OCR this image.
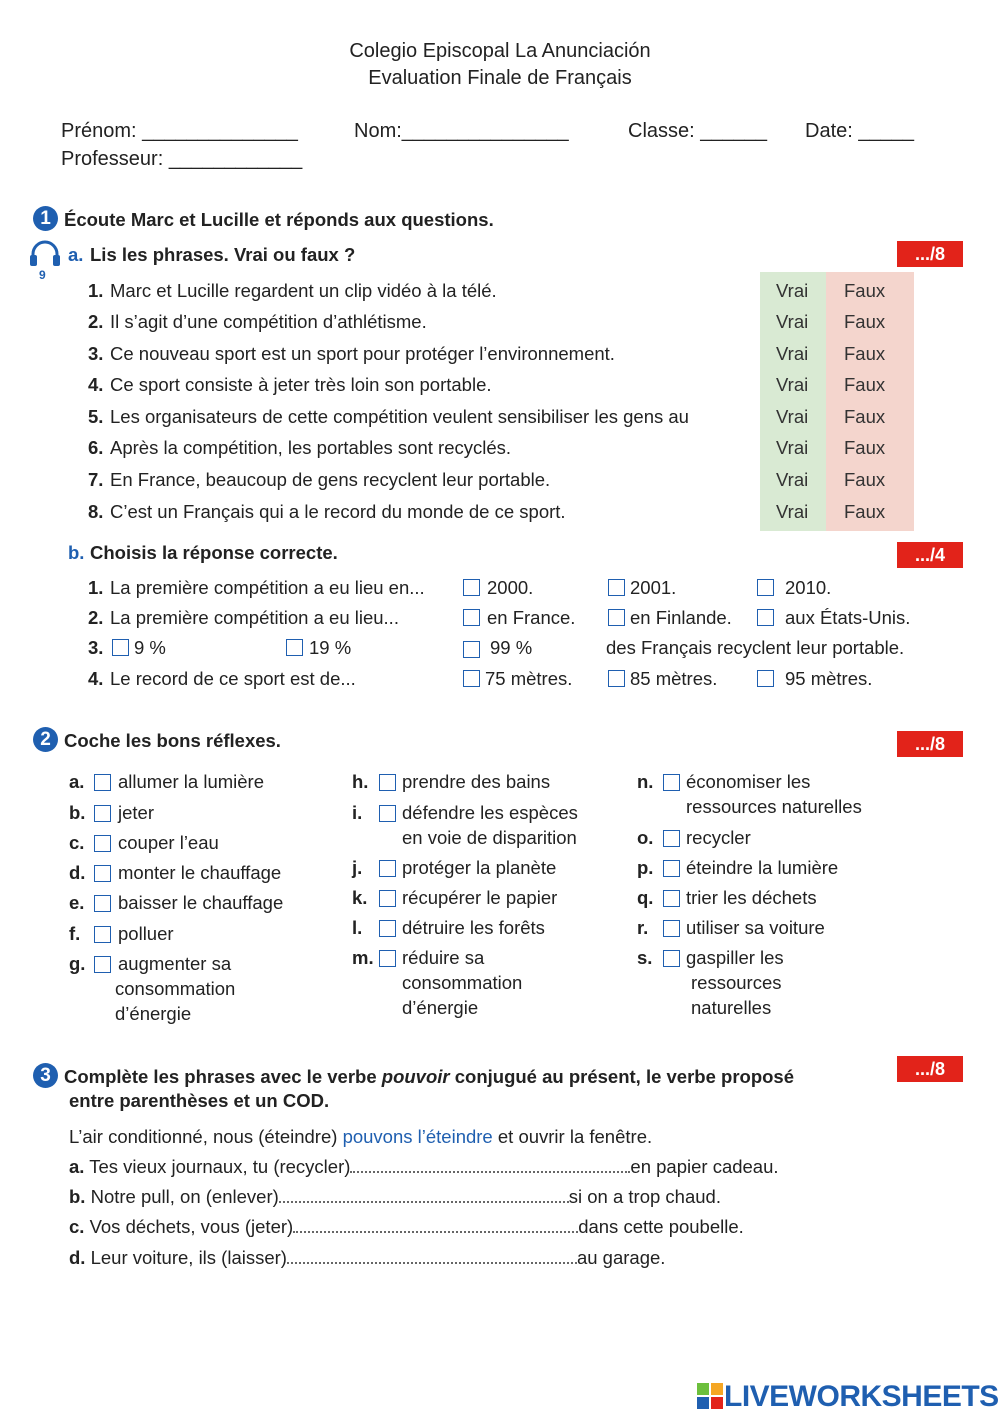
Colegio Episcopal La Anunciación
Evaluation Finale de Français
Prénom: ______________	Nom:_______________	Classe: ______ Date: _____
Professeur: ____________
1 Écoute Marc et Lucille et réponds aux questions.
9
a. Lis les phrases. Vrai ou faux ?	.../8
1. Marc et Lucille regardent un clip vidéo à la télé.	Vrai Faux
2. Il s’agit d’une compétition d’athlétisme.	Vrai Faux
3. Ce nouveau sport est un sport pour protéger l’environnement.	Vrai Faux
4. Ce sport consiste à jeter très loin son portable.	Vrai Faux
5. Les organisateurs de cette compétition veulent sensibiliser les gens au	Vrai Faux
6. Après la compétition, les portables sont recyclés.	Vrai Faux
7. En France, beaucoup de gens recyclent leur portable.	Vrai Faux
8. C’est un Français qui a le record du monde de ce sport.	Vrai Faux
b. Choisis la réponse correcte.	.../4
1. La première compétition a eu lieu en...	2000.	2001.	2010.
2. La première compétition a eu lieu...	en France.	en Finlande.	aux États-Unis.
3. 9 %	19 %	99 %	des Français recyclent leur portable.
4. Le record de ce sport est de...	75 mètres.	85 mètres.	95 mètres.
2 Coche les bons réflexes.	.../8
a. allumer la lumière
b. jeter
c. couper l’eau
d. monter le chauffage
e. baisser le chauffage
f. polluer
g. augmenter sa
consommation
d’énergie
h. prendre des bains
i. défendre les espèces
en voie de disparition
j. protéger la planète
k. récupérer le papier
l. détruire les forêts
m. réduire sa
consommation
d’énergie
n. économiser les
ressources naturelles
o. recycler
p. éteindre la lumière
q. trier les déchets
r. utiliser sa voiture
s. gaspiller les
ressources
naturelles
3 Complète les phrases avec le verbe pouvoir conjugué au présent, le verbe proposé
entre parenthèses et un COD.
.../8
L’air conditionné, nous (éteindre) pouvons l’éteindre et ouvrir la fenêtre.
a. Tes vieux journaux, tu (recycler)	en papier cadeau.
b. Notre pull, on (enlever)	si on a trop chaud.
c. Vos déchets, vous (jeter)	dans cette poubelle.
d. Leur voiture, ils (laisser)	au garage.
LIVEWORKSHEETS
